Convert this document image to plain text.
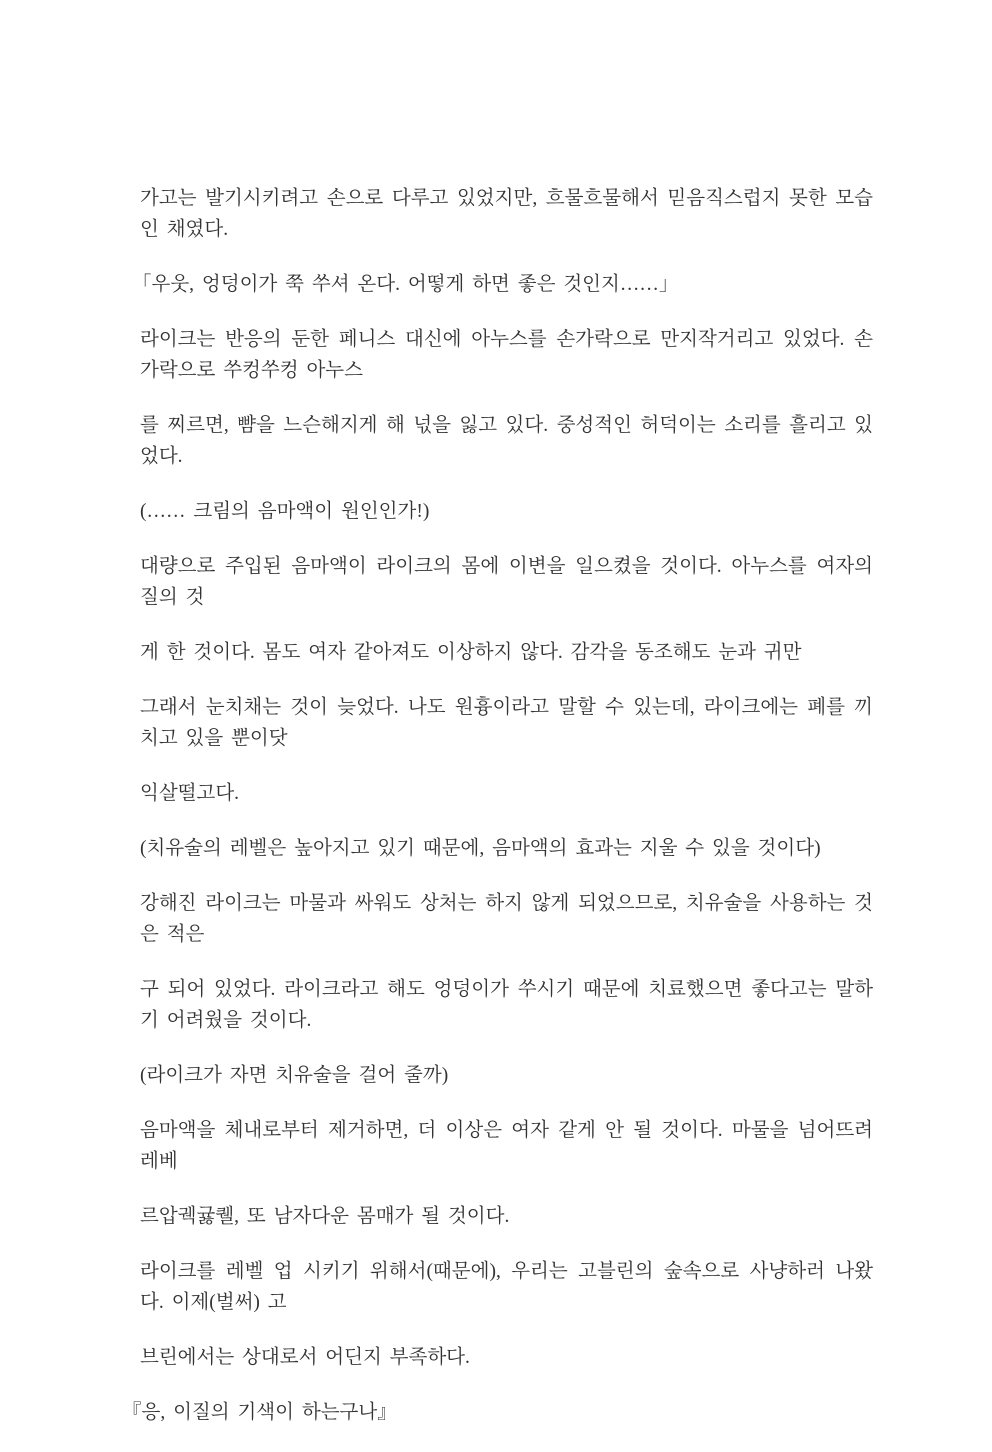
가고는 발기시키려고 손으로 다루고 있었지만, 흐물흐물해서 믿음직스럽지 못한 모습인 채였다.

「우웃, 엉덩이가 쭉 쑤셔 온다. 어떻게 하면 좋은 것인지……」

라이크는 반응의 둔한 페니스 대신에 아누스를 손가락으로 만지작거리고 있었다. 손가락으로 쑤컹쑤컹 아누스

를 찌르면, 뺨을 느슨해지게 해 넋을 잃고 있다. 중성적인 허덕이는 소리를 흘리고 있었다.

(…… 크림의 음마액이 원인인가!)

대량으로 주입된 음마액이 라이크의 몸에 이변을 일으켰을 것이다. 아누스를 여자의 질의 것

게 한 것이다. 몸도 여자 같아져도 이상하지 않다. 감각을 동조해도 눈과 귀만

그래서 눈치채는 것이 늦었다. 나도 원흉이라고 말할 수 있는데, 라이크에는 폐를 끼치고 있을 뿐이닷

익살떨고다.

(치유술의 레벨은 높아지고 있기 때문에, 음마액의 효과는 지울 수 있을 것이다)

강해진 라이크는 마물과 싸워도 상처는 하지 않게 되었으므로, 치유술을 사용하는 것은 적은

구 되어 있었다. 라이크라고 해도 엉덩이가 쑤시기 때문에 치료했으면 좋다고는 말하기 어려웠을 것이다.

(라이크가 자면 치유술을 걸어 줄까)

음마액을 체내로부터 제거하면, 더 이상은 여자 같게 안 될 것이다. 마물을 넘어뜨려 레베

르압궥귫퀠, 또 남자다운 몸매가 될 것이다.

라이크를 레벨 업 시키기 위해서(때문에), 우리는 고블린의 숲속으로 사냥하러 나왔다. 이제(벌써) 고

브린에서는 상대로서 어딘지 부족하다.

『응, 이질의 기색이 하는구나』
